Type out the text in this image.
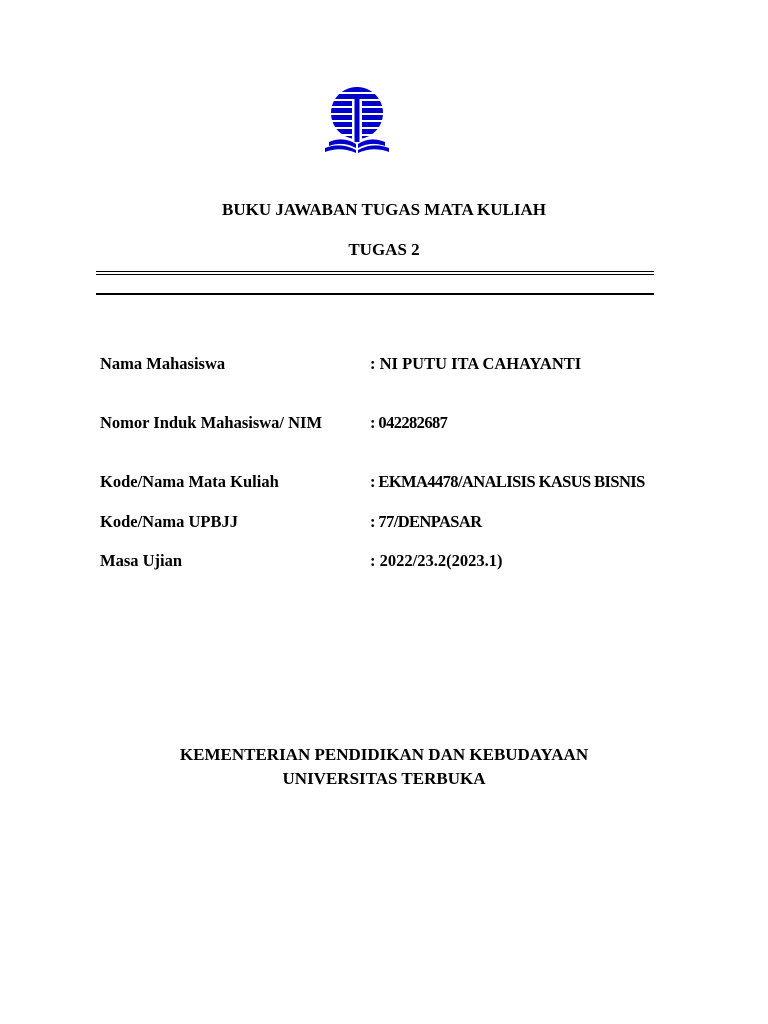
BUKU JAWABAN TUGAS MATA KULIAH
TUGAS 2
Nama Mahasiswa	: NI PUTU ITA CAHAYANTI
Nomor Induk Mahasiswa/ NIM	: 042282687
Kode/Nama Mata Kuliah	: EKMA4478/ANALISIS KASUS BISNIS
Kode/Nama UPBJJ	: 77/DENPASAR
Masa Ujian	: 2022/23.2(2023.1)
KEMENTERIAN PENDIDIKAN DAN KEBUDAYAAN
UNIVERSITAS TERBUKA
